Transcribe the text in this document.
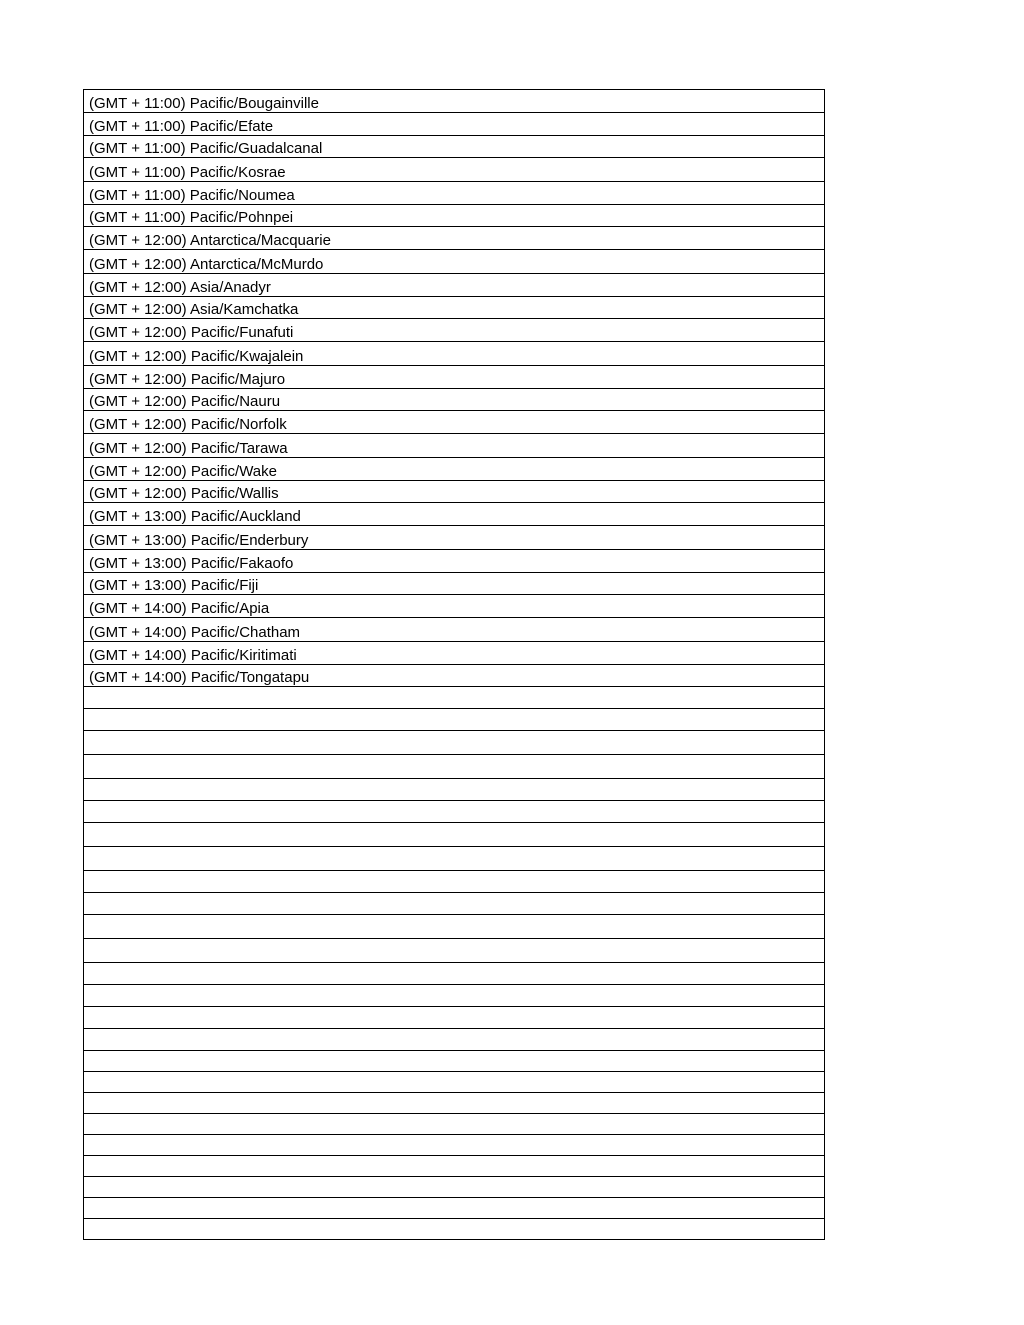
(GMT + 11:00) Pacific/Bougainville
(GMT + 11:00) Pacific/Efate
(GMT + 11:00) Pacific/Guadalcanal
(GMT + 11:00) Pacific/Kosrae
(GMT + 11:00) Pacific/Noumea
(GMT + 11:00) Pacific/Pohnpei
(GMT + 12:00) Antarctica/Macquarie
(GMT + 12:00) Antarctica/McMurdo
(GMT + 12:00) Asia/Anadyr
(GMT + 12:00) Asia/Kamchatka
(GMT + 12:00) Pacific/Funafuti
(GMT + 12:00) Pacific/Kwajalein
(GMT + 12:00) Pacific/Majuro
(GMT + 12:00) Pacific/Nauru
(GMT + 12:00) Pacific/Norfolk
(GMT + 12:00) Pacific/Tarawa
(GMT + 12:00) Pacific/Wake
(GMT + 12:00) Pacific/Wallis
(GMT + 13:00) Pacific/Auckland
(GMT + 13:00) Pacific/Enderbury
(GMT + 13:00) Pacific/Fakaofo
(GMT + 13:00) Pacific/Fiji
(GMT + 14:00) Pacific/Apia
(GMT + 14:00) Pacific/Chatham
(GMT + 14:00) Pacific/Kiritimati
(GMT + 14:00) Pacific/Tongatapu
